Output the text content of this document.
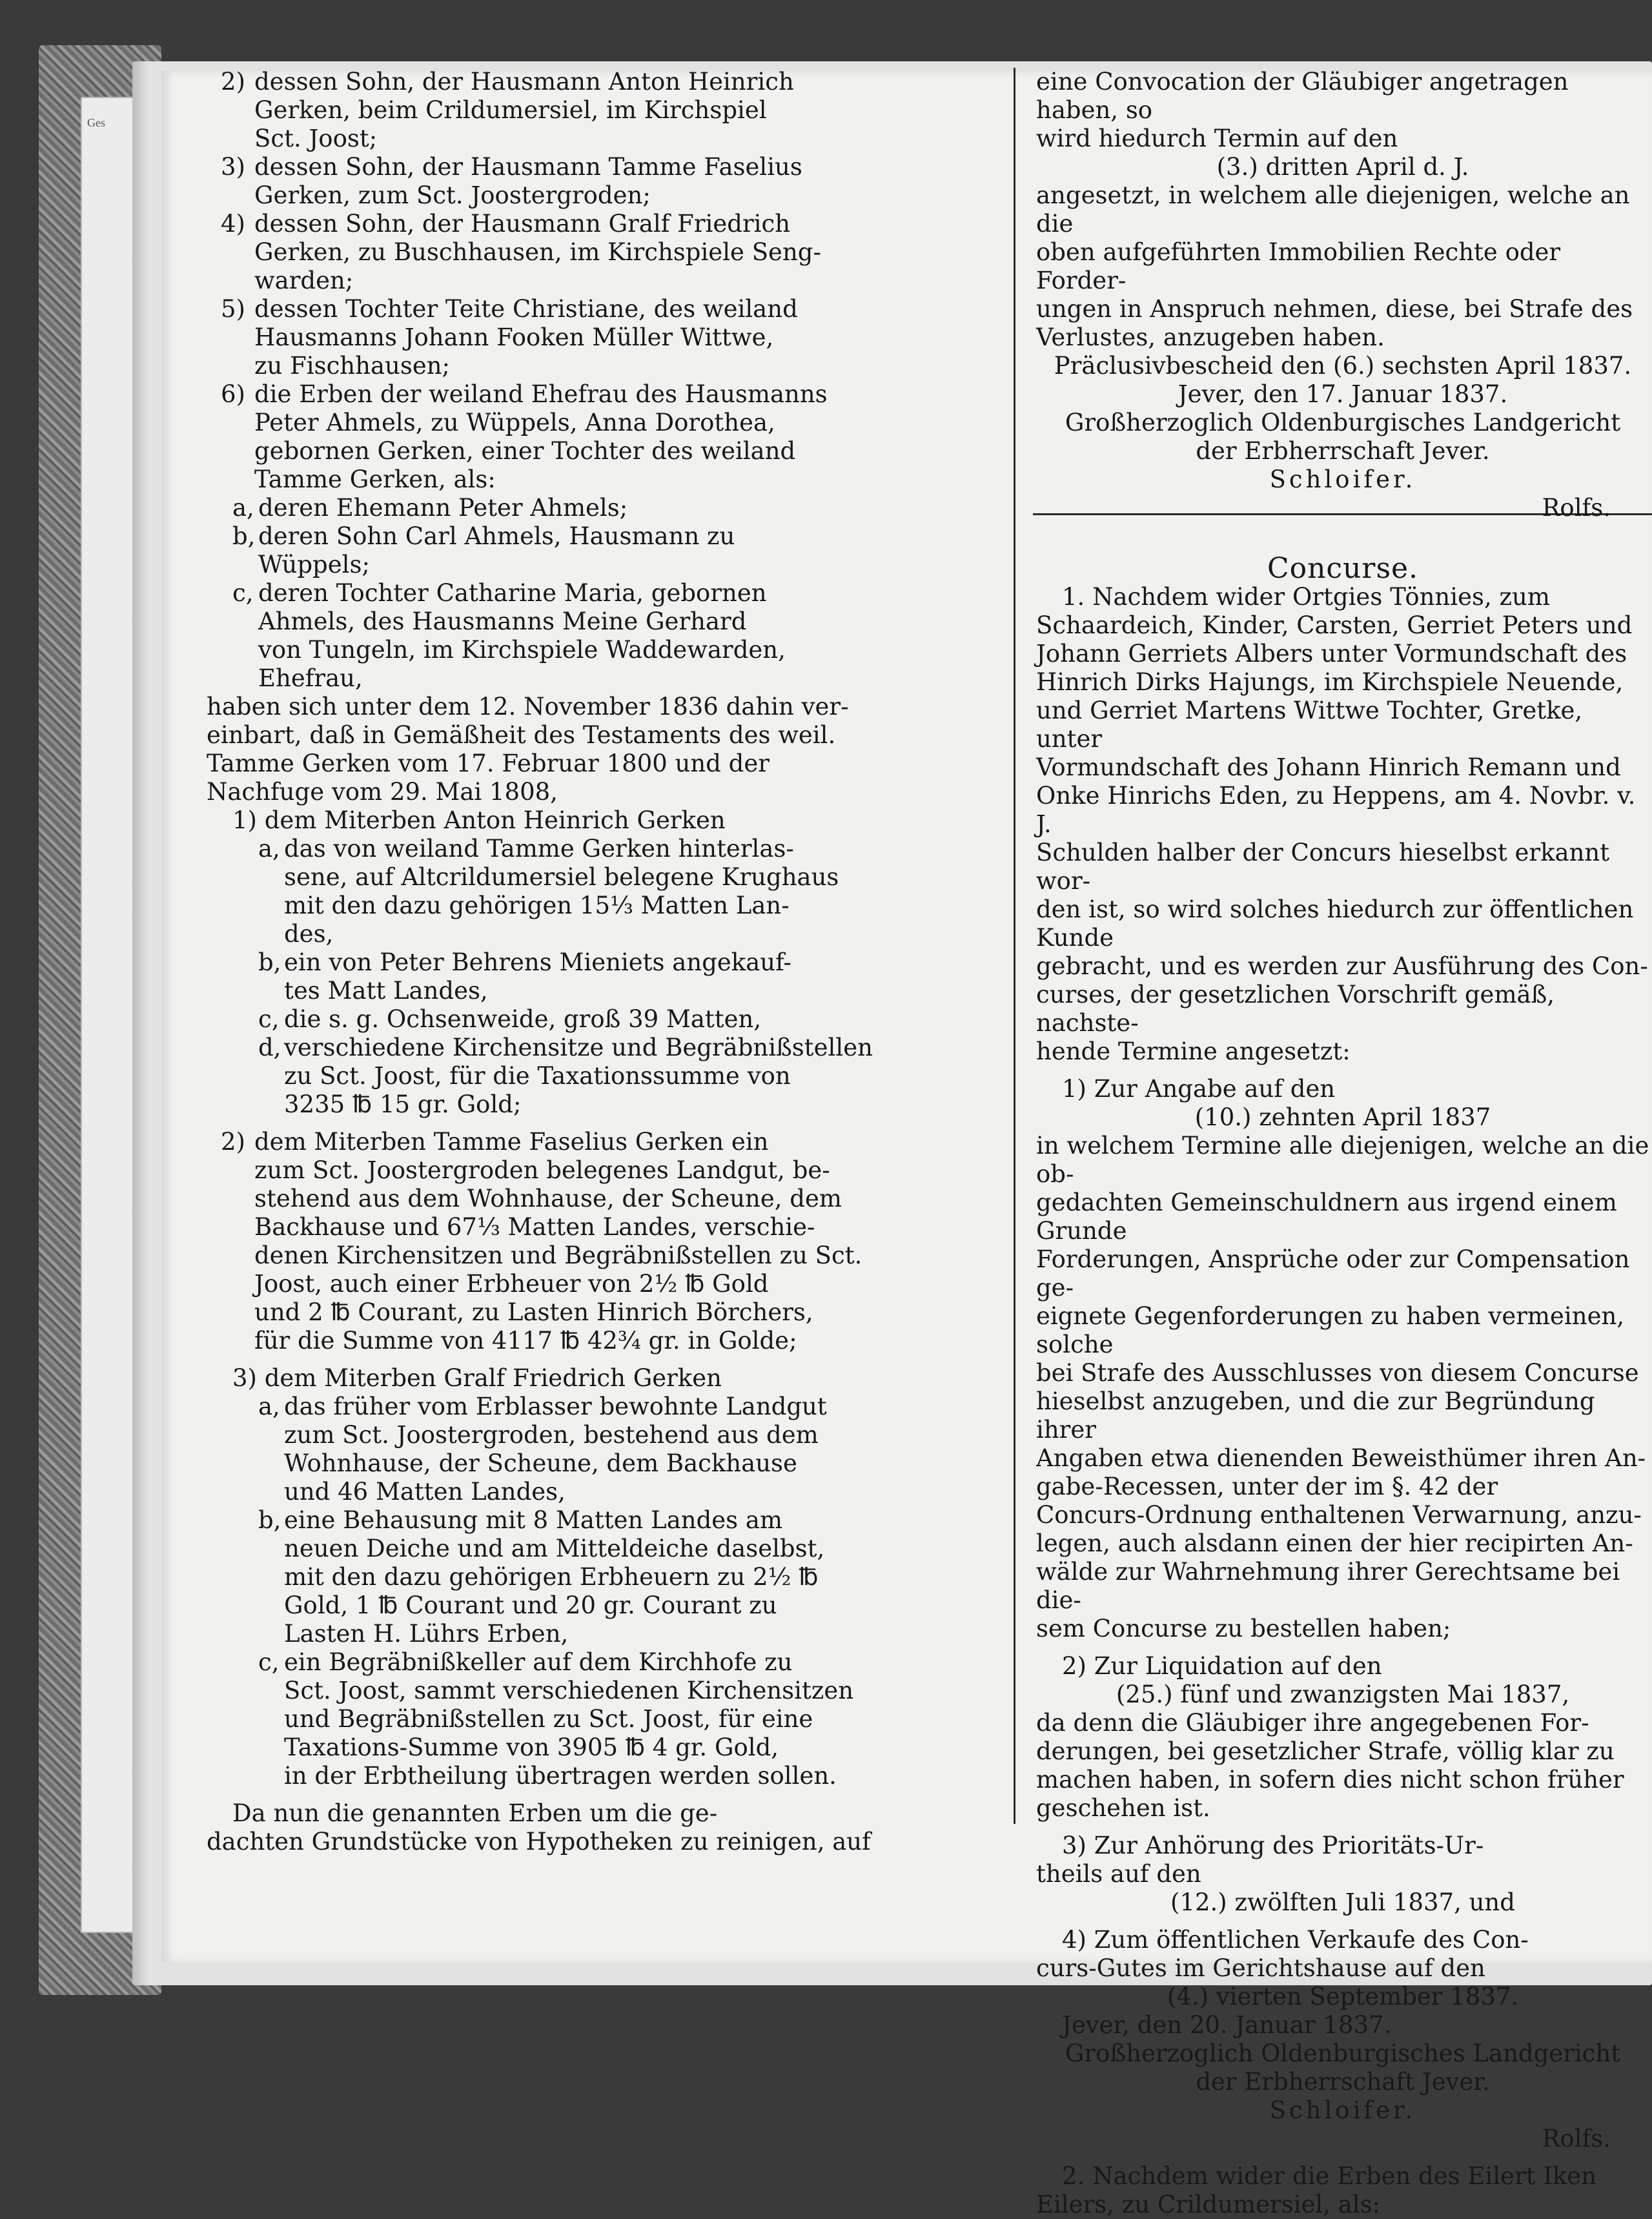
Ges
2) dessen Sohn, der Hausmann Anton Heinrich

Gerken, beim Crildumersiel, im Kirchspiel

Sct. Joost;

3) dessen Sohn, der Hausmann Tamme Faselius

Gerken, zum Sct. Joostergroden;

4) dessen Sohn, der Hausmann Gralf Friedrich

Gerken, zu Buschhausen, im Kirchspiele Seng-

warden;

5) dessen Tochter Teite Christiane, des weiland

Hausmanns Johann Fooken Müller Wittwe,

zu Fischhausen;

6) die Erben der weiland Ehefrau des Hausmanns

Peter Ahmels, zu Wüppels, Anna Dorothea,

gebornen Gerken, einer Tochter des weiland

Tamme Gerken, als:

a, deren Ehemann Peter Ahmels;

b, deren Sohn Carl Ahmels, Hausmann zu

Wüppels;

c, deren Tochter Catharine Maria, gebornen

Ahmels, des Hausmanns Meine Gerhard

von Tungeln, im Kirchspiele Waddewarden,

Ehefrau,

haben sich unter dem 12. November 1836 dahin ver-

einbart, daß in Gemäßheit des Testaments des weil.

Tamme Gerken vom 17. Februar 1800 und der

Nachfuge vom 29. Mai 1808,

1) dem Miterben Anton Heinrich Gerken

a, das von weiland Tamme Gerken hinterlas-

sene, auf Altcrildumersiel belegene Krughaus

mit den dazu gehörigen 15⅓ Matten Lan-

des,

b, ein von Peter Behrens Mieniets angekauf-

tes Matt Landes,

c, die s. g. Ochsenweide, groß 39 Matten,

d, verschiedene Kirchensitze und Begräbnißstellen

zu Sct. Joost, für die Taxationssumme von

3235 ℔ 15 gr. Gold;

2) dem Miterben Tamme Faselius Gerken ein

zum Sct. Joostergroden belegenes Landgut, be-

stehend aus dem Wohnhause, der Scheune, dem

Backhause und 67⅓ Matten Landes, verschie-

denen Kirchensitzen und Begräbnißstellen zu Sct.

Joost, auch einer Erbheuer von 2½ ℔ Gold

und 2 ℔ Courant, zu Lasten Hinrich Börchers,

für die Summe von 4117 ℔ 42¾ gr. in Golde;

3) dem Miterben Gralf Friedrich Gerken

a, das früher vom Erblasser bewohnte Landgut

zum Sct. Joostergroden, bestehend aus dem

Wohnhause, der Scheune, dem Backhause

und 46 Matten Landes,

b, eine Behausung mit 8 Matten Landes am

neuen Deiche und am Mitteldeiche daselbst,

mit den dazu gehörigen Erbheuern zu 2½ ℔

Gold, 1 ℔ Courant und 20 gr. Courant zu

Lasten H. Lührs Erben,

c, ein Begräbnißkeller auf dem Kirchhofe zu

Sct. Joost, sammt verschiedenen Kirchensitzen

und Begräbnißstellen zu Sct. Joost, für eine

Taxations-Summe von 3905 ℔ 4 gr. Gold,

in der Erbtheilung übertragen werden sollen.

Da nun die genannten Erben um die ge-

dachten Grundstücke von Hypotheken zu reinigen, auf

eine Convocation der Gläubiger angetragen haben, so

wird hiedurch Termin auf den

(3.) dritten April d. J.

angesetzt, in welchem alle diejenigen, welche an die

oben aufgeführten Immobilien Rechte oder Forder-

ungen in Anspruch nehmen, diese, bei Strafe des

Verlustes, anzugeben haben.

Präclusivbescheid den (6.) sechsten April 1837.

Jever, den 17. Januar 1837.

Großherzoglich Oldenburgisches Landgericht

der Erbherrschaft Jever.

Schloifer.

Rolfs.

Concurse.

1. Nachdem wider Ortgies Tönnies, zum

Schaardeich, Kinder, Carsten, Gerriet Peters und

Johann Gerriets Albers unter Vormundschaft des

Hinrich Dirks Hajungs, im Kirchspiele Neuende,

und Gerriet Martens Wittwe Tochter, Gretke, unter

Vormundschaft des Johann Hinrich Remann und

Onke Hinrichs Eden, zu Heppens, am 4. Novbr. v. J.

Schulden halber der Concurs hieselbst erkannt wor-

den ist, so wird solches hiedurch zur öffentlichen Kunde

gebracht, und es werden zur Ausführung des Con-

curses, der gesetzlichen Vorschrift gemäß, nachste-

hende Termine angesetzt:

1) Zur Angabe auf den

(10.) zehnten April 1837

in welchem Termine alle diejenigen, welche an die ob-

gedachten Gemeinschuldnern aus irgend einem Grunde

Forderungen, Ansprüche oder zur Compensation ge-

eignete Gegenforderungen zu haben vermeinen, solche

bei Strafe des Ausschlusses von diesem Concurse

hieselbst anzugeben, und die zur Begründung ihrer

Angaben etwa dienenden Beweisthümer ihren An-

gabe-Recessen, unter der im §. 42 der

Concurs-Ordnung enthaltenen Verwarnung, anzu-

legen, auch alsdann einen der hier recipirten An-

wälde zur Wahrnehmung ihrer Gerechtsame bei die-

sem Concurse zu bestellen haben;

2) Zur Liquidation auf den

(25.) fünf und zwanzigsten Mai 1837,

da denn die Gläubiger ihre angegebenen For-

derungen, bei gesetzlicher Strafe, völlig klar zu

machen haben, in sofern dies nicht schon früher

geschehen ist.

3) Zur Anhörung des Prioritäts-Ur-

theils auf den

(12.) zwölften Juli 1837, und

4) Zum öffentlichen Verkaufe des Con-

curs-Gutes im Gerichtshause auf den

(4.) vierten September 1837.

Jever, den 20. Januar 1837.

Großherzoglich Oldenburgisches Landgericht

der Erbherrschaft Jever.

Schloifer.

Rolfs.

2. Nachdem wider die Erben des Eilert Iken

Eilers, zu Crildumersiel, als:
